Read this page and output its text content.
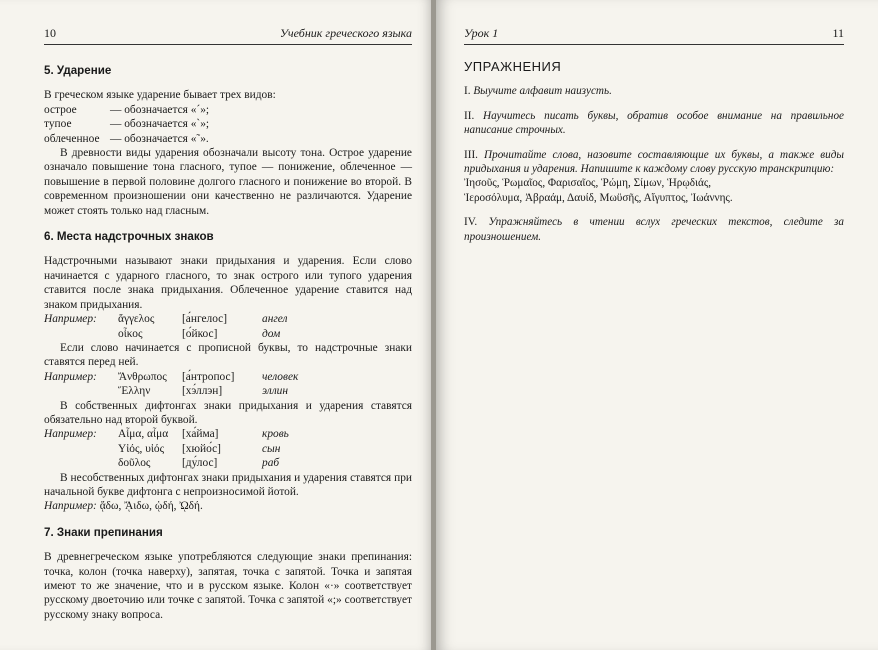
10	Учебник греческого языка
5. Ударение

В греческом языке ударение бывает трех видов:

острое	— обозначается «´»;
тупое	— обозначается «`»;
облеченное	— обозначается «˜».

В древности виды ударения обозначали высоту тона. Острое ударение означало повышение тона гласного, тупое — понижение, облеченное — повышение в первой половине долгого гласного и понижение во второй. В современном произношении они качественно не различаются. Ударение может стоять только над гласным.

6. Места надстрочных знаков

Надстрочными называют знаки придыхания и ударения. Если слово начинается с ударного гласного, то знак острого или тупого ударения ставится после знака придыхания. Облеченное ударение ставится над знаком придыхания.

Например:	ἄγγελος	[а́нгелос]	ангел
	οἶκος	[о́йкос]	дом

Если слово начинается с прописной буквы, то надстрочные знаки ставятся перед ней.

Например:	Ἄνθρωπος	[а́нтропос]	человек
	Ἕλλην	[хэ́ллэн]	эллин

В собственных дифтонгах знаки придыхания и ударения ставятся обязательно над второй буквой.

Например:	Αἷμα, αἷμα	[ха́йма]	кровь
	Υἱός, υἱός	[хюйо́с]	сын
	δοῦλος	[ду́лос]	раб

В несобственных дифтонгах знаки придыхания и ударения ставятся при начальной букве дифтонга с непроизносимой йотой.

Например: ᾄδω, ᾌιδω, ᾠδή, ᾨδή.

7. Знаки препинания

В древнегреческом языке употребляются следующие знаки препинания: точка, колон (точка наверху), запятая, точка с запятой. Точка и запятая имеют то же значение, что и в русском языке. Колон «·» соответствует русскому двоеточию или точке с запятой. Точка с запятой «;» соответствует русскому знаку вопроса.

Урок 1	11
УПРАЖНЕНИЯ

I. Выучите алфавит наизусть.

II. Научитесь писать буквы, обратив особое внимание на правильное написание строчных.

III. Прочитайте слова, назовите составляющие их буквы, а также виды придыхания и ударения. Напишите к каждому слову русскую транскрипцию:

Ἰησοῦς, Ῥωμαῖος, Φαρισαῖος, Ῥώμη, Σίμων, Ἡρῳδιάς,

Ἱεροσόλυμα, Ἀβραάμ, Δαυίδ, Μωϋσῆς, Αἴγυπτος, Ἰωάννης.

IV. Упражняйтесь в чтении вслух греческих текстов, следите за произношением.
